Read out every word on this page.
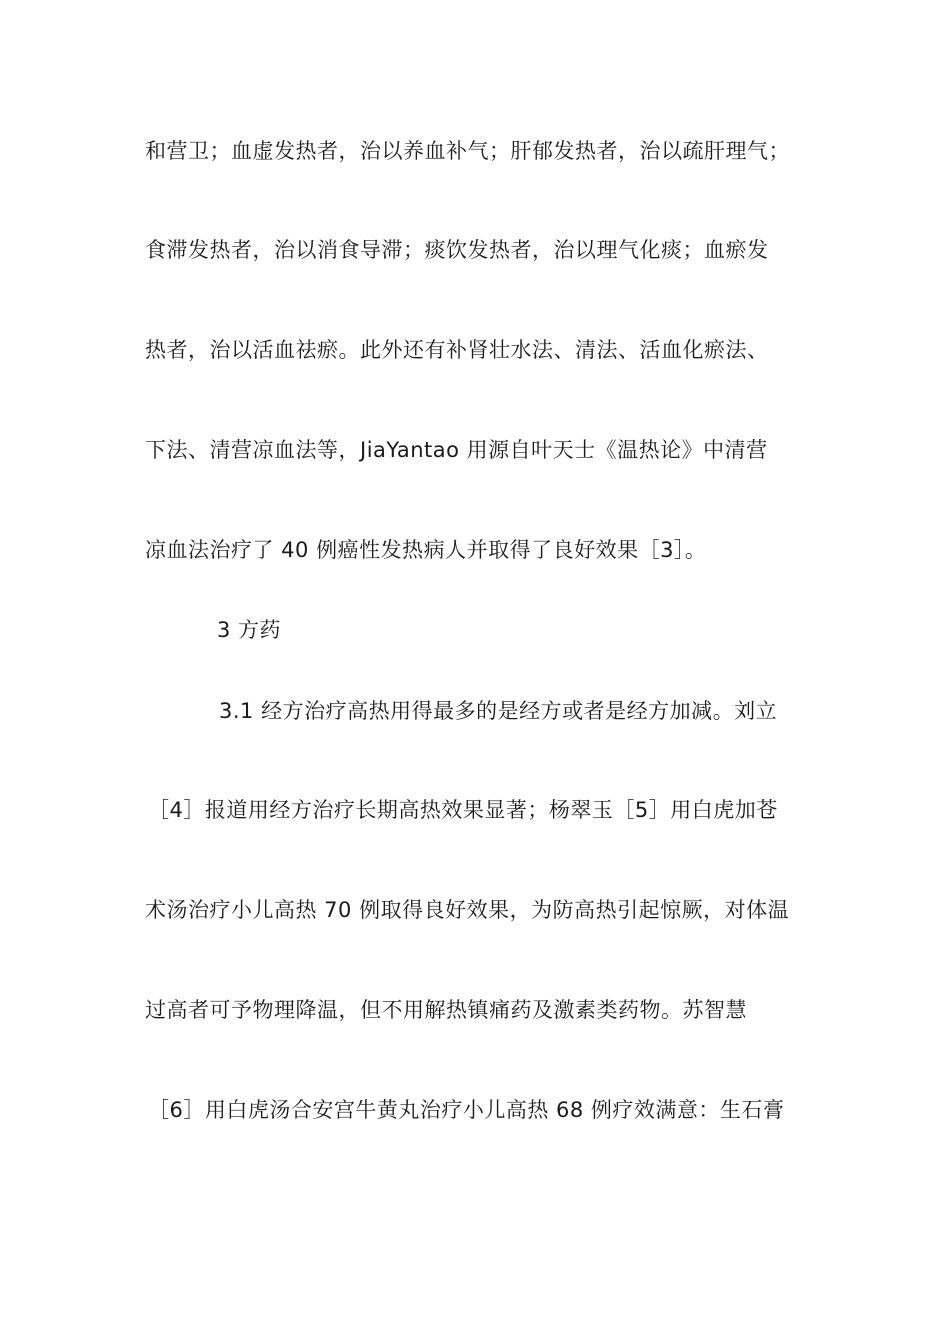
和营卫；血虚发热者，治以养血补气；肝郁发热者，治以疏肝理气；
食滞发热者，治以消食导滞；痰饮发热者，治以理气化痰；血瘀发
热者，治以活血祛瘀。此外还有补肾壮水法、清法、活血化瘀法、
下法、清营凉血法等，JiaYantao 用源自叶天士《温热论》中清营
凉血法治疗了 40 例癌性发热病人并取得了良好效果［3］。
3 方药
3.1 经方治疗高热用得最多的是经方或者是经方加减。刘立
［4］报道用经方治疗长期高热效果显著；杨翠玉［5］用白虎加苍
术汤治疗小儿高热 70 例取得良好效果，为防高热引起惊厥，对体温
过高者可予物理降温，但不用解热镇痛药及激素类药物。苏智慧
［6］用白虎汤合安宫牛黄丸治疗小儿高热 68 例疗效满意：生石膏
